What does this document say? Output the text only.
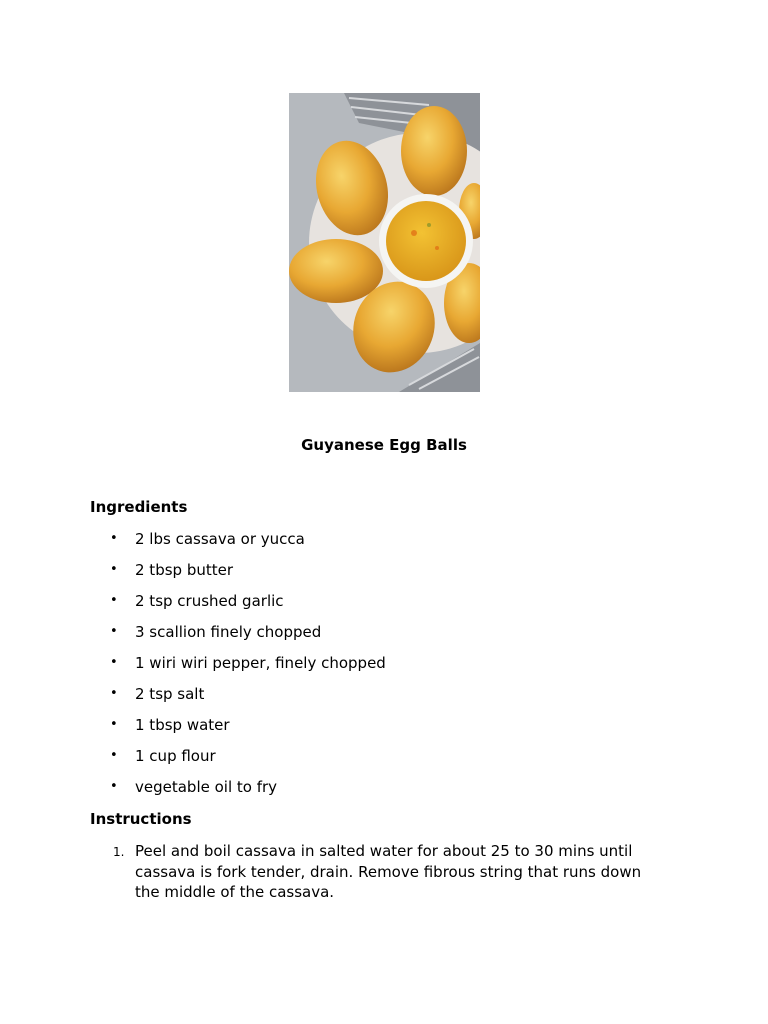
Guyanese Egg Balls
Ingredients
• 2 lbs cassava or yucca
• 2 tbsp butter
• 2 tsp crushed garlic
• 3 scallion finely chopped
• 1 wiri wiri pepper, finely chopped
• 2 tsp salt
• 1 tbsp water
• 1 cup flour
• vegetable oil to fry
Instructions
1. Peel and boil cassava in salted water for about 25 to 30 mins until cassava is fork tender, drain. Remove fibrous string that runs down the middle of the cassava.
